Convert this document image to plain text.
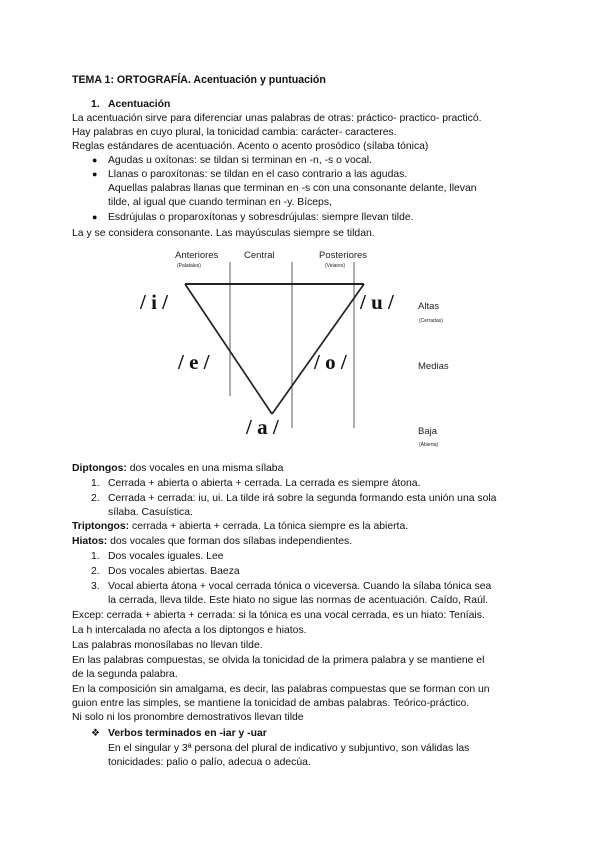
TEMA 1: ORTOGRAFÍA. Acentuación y puntuación
1. Acentuación
La acentuación sirve para diferenciar unas palabras de otras: práctico- practico- practicó.
Hay palabras en cuyo plural, la tonicidad cambia: carácter- caracteres.
Reglas estándares de acentuación. Acento o acento prosódico (sílaba tónica)
● Agudas u oxítonas: se tildan si terminan en -n, -s o vocal.
● Llanas o paroxítonas: se tildan en el caso contrario a las agudas.
Aquellas palabras llanas que terminan en -s con una consonante delante, llevan
tilde, al igual que cuando terminan en -y. Bíceps,
● Esdrújulas o proparoxítonas y sobresdrújulas: siempre llevan tilde.
La y se considera consonante. Las mayúsculas siempre se tildan.
Anteriores
(Palatales)
Central	Posteriores
(Velares)
/ i /	/ u /
/ e /	/ o /
/ a /
Altas
(Cerradas)
Medias
Baja
(Abierta)
Diptongos: dos vocales en una misma sílaba
1. Cerrada + abierta o abierta + cerrada. La cerrada es siempre átona.
2. Cerrada + cerrada: iu, ui. La tilde irá sobre la segunda formando esta unión una sola
sílaba. Casuística.
Triptongos: cerrada + abierta + cerrada. La tónica siempre es la abierta.
Hiatos: dos vocales que forman dos sílabas independientes.
1. Dos vocales iguales. Lee
2. Dos vocales abiertas. Baeza
3. Vocal abierta átona + vocal cerrada tónica o viceversa. Cuando la sílaba tónica sea
la cerrada, lleva tilde. Este hiato no sigue las normas de acentuación. Caído, Raúl.
Excep: cerrada + abierta + cerrada: si la tónica es una vocal cerrada, es un hiato: Teníais.
La h intercalada no afecta a los diptongos e hiatos.
Las palabras monosílabas no llevan tilde.
En las palabras compuestas, se olvida la tonicidad de la primera palabra y se mantiene el
de la segunda palabra.
En la composición sin amalgama, es decir, las palabras compuestas que se forman con un
guion entre las simples, se mantiene la tonicidad de ambas palabras. Teórico-práctico.
Ni solo ni los pronombre demostrativos llevan tilde
❖ Verbos terminados en -iar y -uar
En el singular y 3ª persona del plural de indicativo y subjuntivo, son válidas las
tonicidades: palio o palío, adecua o adecúa.
